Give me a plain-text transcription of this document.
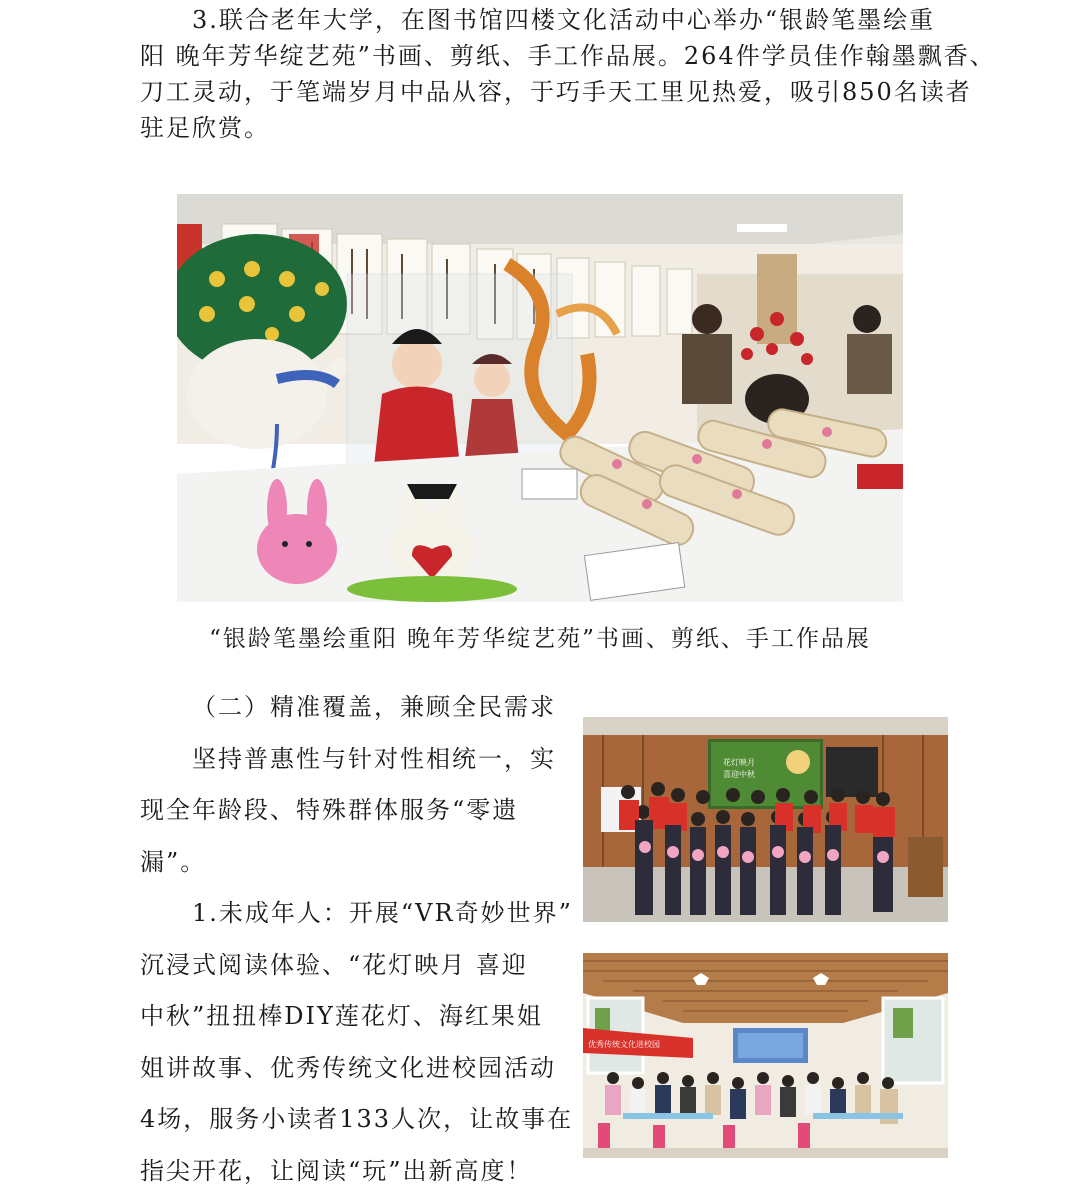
3.联合老年大学，在图书馆四楼文化活动中心举办“银龄笔墨绘重
阳 晚年芳华绽艺苑”书画、剪纸、手工作品展。264件学员佳作翰墨飘香、
刀工灵动，于笔端岁月中品从容，于巧手天工里见热爱，吸引850名读者
驻足欣赏。
“银龄笔墨绘重阳 晚年芳华绽艺苑”书画、剪纸、手工作品展
（二）精准覆盖，兼顾全民需求
坚持普惠性与针对性相统一，实
现全年龄段、特殊群体服务“零遗
漏”。
1.未成年人：开展“VR奇妙世界”
沉浸式阅读体验、“花灯映月 喜迎
中秋”扭扭棒DIY莲花灯、海红果姐
姐讲故事、优秀传统文化进校园活动
4场，服务小读者133人次，让故事在
指尖开花，让阅读“玩”出新高度！
花灯映月
喜迎中秋
优秀传统文化进校园
